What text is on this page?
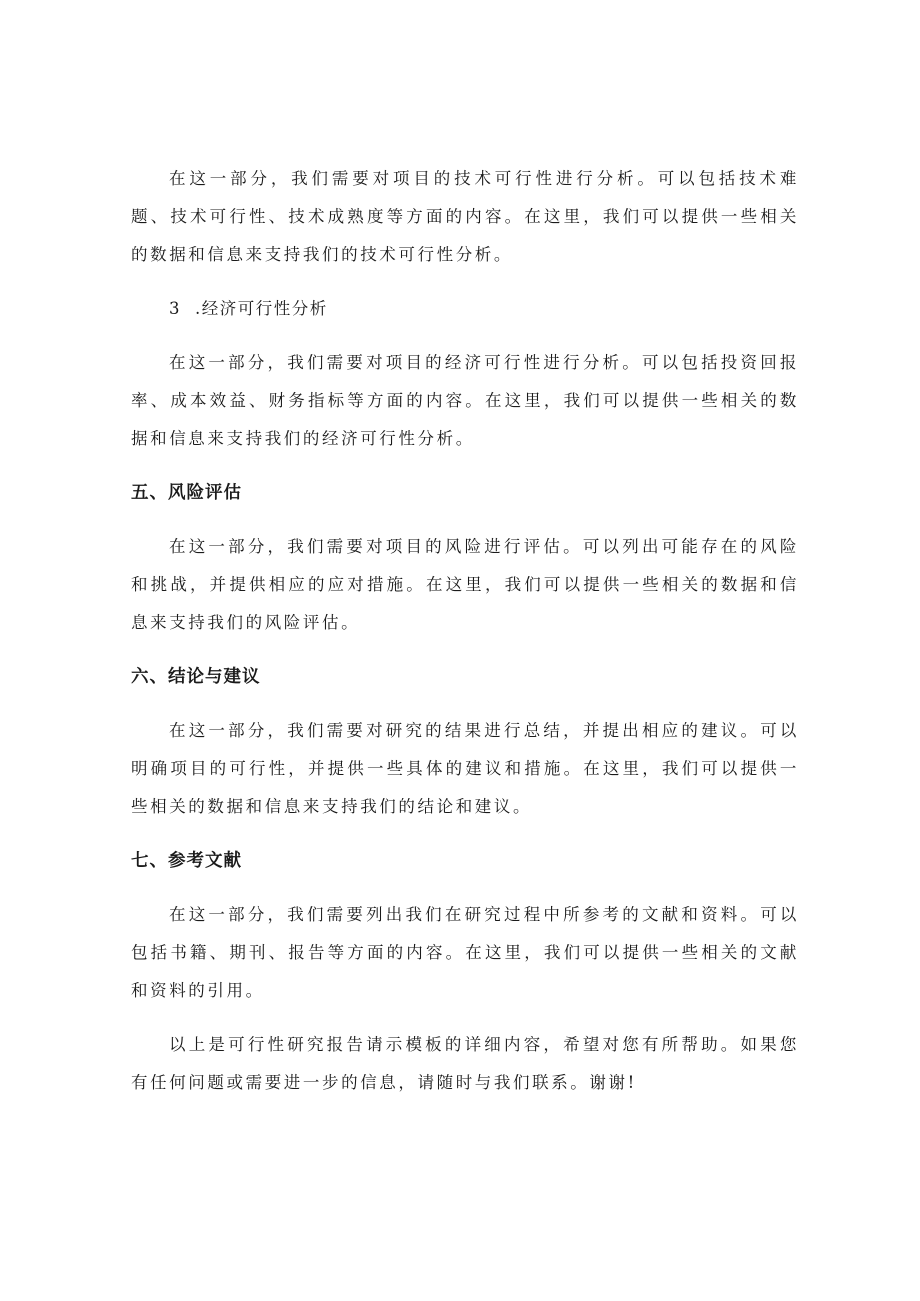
在这一部分，我们需要对项目的技术可行性进行分析。可以包括技术难题、技术可行性、技术成熟度等方面的内容。在这里，我们可以提供一些相关的数据和信息来支持我们的技术可行性分析。

3 .经济可行性分析

在这一部分，我们需要对项目的经济可行性进行分析。可以包括投资回报率、成本效益、财务指标等方面的内容。在这里，我们可以提供一些相关的数据和信息来支持我们的经济可行性分析。

五、风险评估

在这一部分，我们需要对项目的风险进行评估。可以列出可能存在的风险和挑战，并提供相应的应对措施。在这里，我们可以提供一些相关的数据和信息来支持我们的风险评估。

六、结论与建议

在这一部分，我们需要对研究的结果进行总结，并提出相应的建议。可以明确项目的可行性，并提供一些具体的建议和措施。在这里，我们可以提供一些相关的数据和信息来支持我们的结论和建议。

七、参考文献

在这一部分，我们需要列出我们在研究过程中所参考的文献和资料。可以包括书籍、期刊、报告等方面的内容。在这里，我们可以提供一些相关的文献和资料的引用。

以上是可行性研究报告请示模板的详细内容，希望对您有所帮助。如果您有任何问题或需要进一步的信息，请随时与我们联系。谢谢!
